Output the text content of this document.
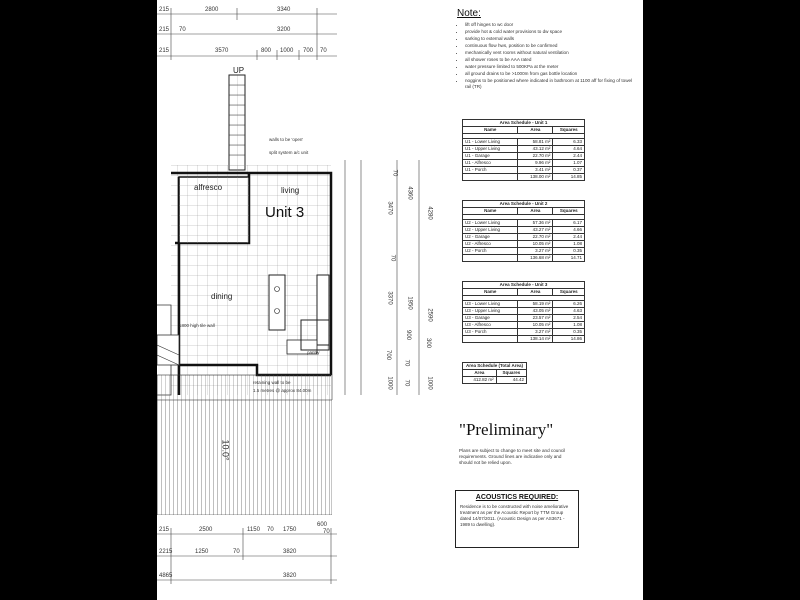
215	2800	3340
215 70	3200
215	3570	800 1000 700 70
UP
alfresco	living
Unit 3
dining
pantry
walls to be 'open'
split system a/c unit
1800 high tile wall
retaining wall to be
1.5 metres @ approx 84.00m
10.0°
70
3470
4360
4280
70
3370 1950
2590
900
300
700
70
1000 70	1000
215	2500	1150 70 1750
600
70
2215	1250	70	3820
4865	3820
Note:
• lift off hinges to wc door
• provide hot & cold water provisions to dw space
• sarking to external walls
• continuous flow hws, position to be confirmed
• mechanically vent rooms without natural ventilation
• all shower roses to be AAA rated
• water pressure limited to 500KPa at the meter
• all ground drains to be >1000m from gas bottle location
• noggins to be positioned where indicated in bathroom at 1100 aff for fixing of towel rail (TR)
Area Schedule - Unit 1		
Name	Area	Squares

U1 - Lower Living	58.81 m²	6.33
U1 - Upper Living	43.12 m²	4.64
U1 - Garage	22.70 m²	2.44
U1 - Alfresco	9.96 m²	1.07
U1 - Porch	3.41 m²	0.37
	138.00 m²	14.85
Area Schedule - Unit 2		
Name	Area	Squares

U2 - Lower Living	57.36 m²	6.17
U2 - Upper Living	43.27 m²	4.66
U2 - Garage	22.70 m²	2.44
U2 - Alfresco	10.05 m²	1.08
U2 - Porch	3.27 m²	0.35
	136.68 m²	14.71
Area Schedule - Unit 3		
Name	Area	Squares

U3 - Lower Living	58.19 m²	6.26
U3 - Upper Living	43.05 m²	4.63
U3 - Garage	23.57 m²	2.54
U3 - Alfresco	10.05 m²	1.08
U3 - Porch	3.27 m²	0.35
	138.14 m²	14.86
Area Schedule (Total Area)	
Area	Squares
412.82 m²	44.42
"Preliminary"
Plans are subject to change to meet site and council requirements. Ground lines are indicative only and should not be relied upon.
ACOUSTICS REQUIRED:
Residence is to be constructed with noise ameliorative treatment as per the Acoustic Report by TTM Group dated 14/07/2011. (Acoustic Design as per AS3671 - 1989 to dwelling).
